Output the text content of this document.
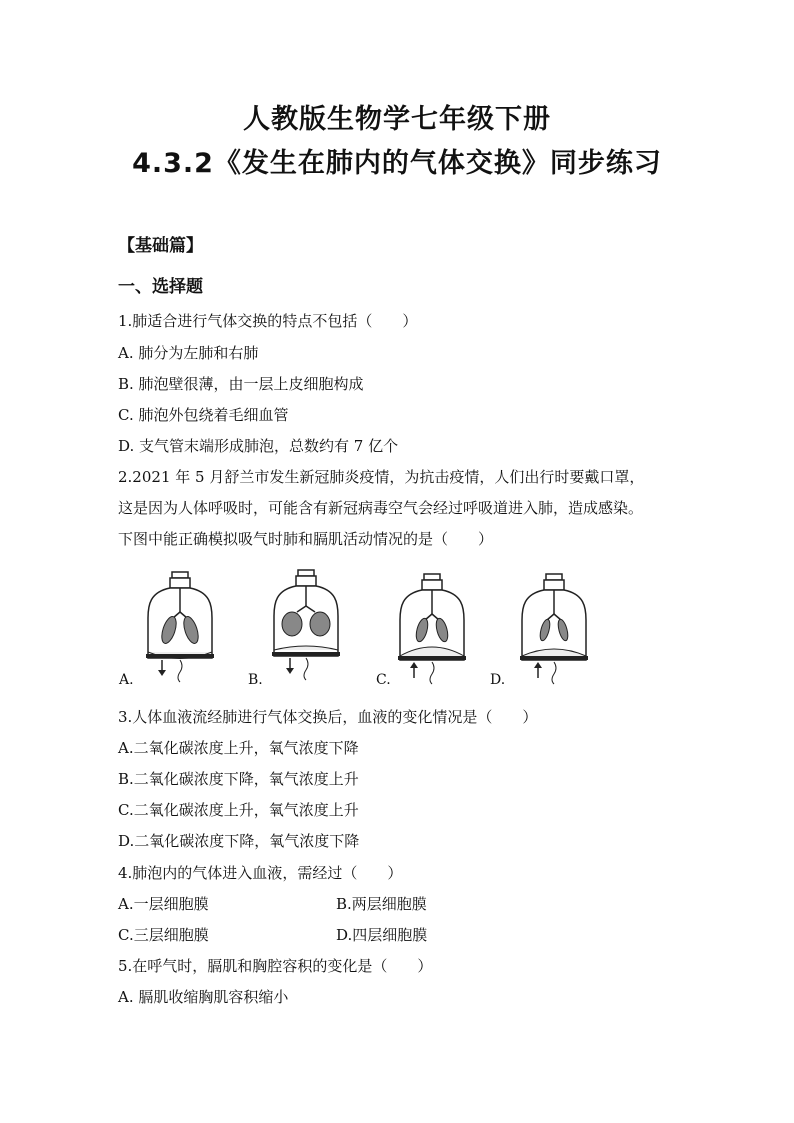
人教版生物学七年级下册
4.3.2《发生在肺内的气体交换》同步练习
【基础篇】
一、选择题
1.肺适合进行气体交换的特点不包括（　　）
A. 肺分为左肺和右肺
B. 肺泡壁很薄，由一层上皮细胞构成
C. 肺泡外包绕着毛细血管
D. 支气管末端形成肺泡，总数约有 7 亿个
2.2021 年 5 月舒兰市发生新冠肺炎疫情，为抗击疫情，人们出行时要戴口罩，
这是因为人体呼吸时，可能含有新冠病毒空气会经过呼吸道进入肺，造成感染。
下图中能正确模拟吸气时肺和膈肌活动情况的是（　　）
A.	B.	C.	D.
3.人体血液流经肺进行气体交换后，血液的变化情况是（　　）
A.二氧化碳浓度上升，氧气浓度下降
B.二氧化碳浓度下降，氧气浓度上升
C.二氧化碳浓度上升，氧气浓度上升
D.二氧化碳浓度下降，氧气浓度下降
4.肺泡内的气体进入血液，需经过（　　）
A.一层细胞膜	B.两层细胞膜
C.三层细胞膜	D.四层细胞膜
5.在呼气时，膈肌和胸腔容积的变化是（　　）
A. 膈肌收缩胸肌容积缩小
